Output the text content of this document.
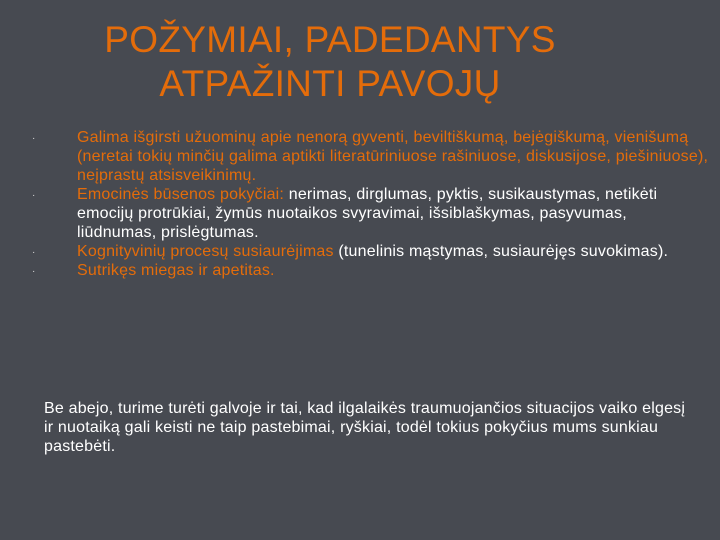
POŽYMIAI, PADEDANTYS
ATPAŽINTI PAVOJŲ
·	Galima išgirsti užuominų apie nenorą gyventi, beviltiškumą, bejėgiškumą, vienišumą (neretai tokių minčių galima aptikti literatūriniuose rašiniuose, diskusijose, piešiniuose), neįprastų atsisveikinimų.
·	Emocinės būsenos pokyčiai: nerimas, dirglumas, pyktis, susikaustymas, netikėti emocijų protrūkiai, žymūs nuotaikos svyravimai, išsiblaškymas, pasyvumas, liūdnumas, prislėgtumas.
·	Kognityvinių procesų susiaurėjimas (tunelinis mąstymas, susiaurėjęs suvokimas).
·	Sutrikęs miegas ir apetitas.

Be abejo, turime turėti galvoje ir tai, kad ilgalaikės traumuojančios situacijos vaiko elgesį ir nuotaiką gali keisti ne taip pastebimai, ryškiai, todėl tokius pokyčius mums sunkiau pastebėti.
